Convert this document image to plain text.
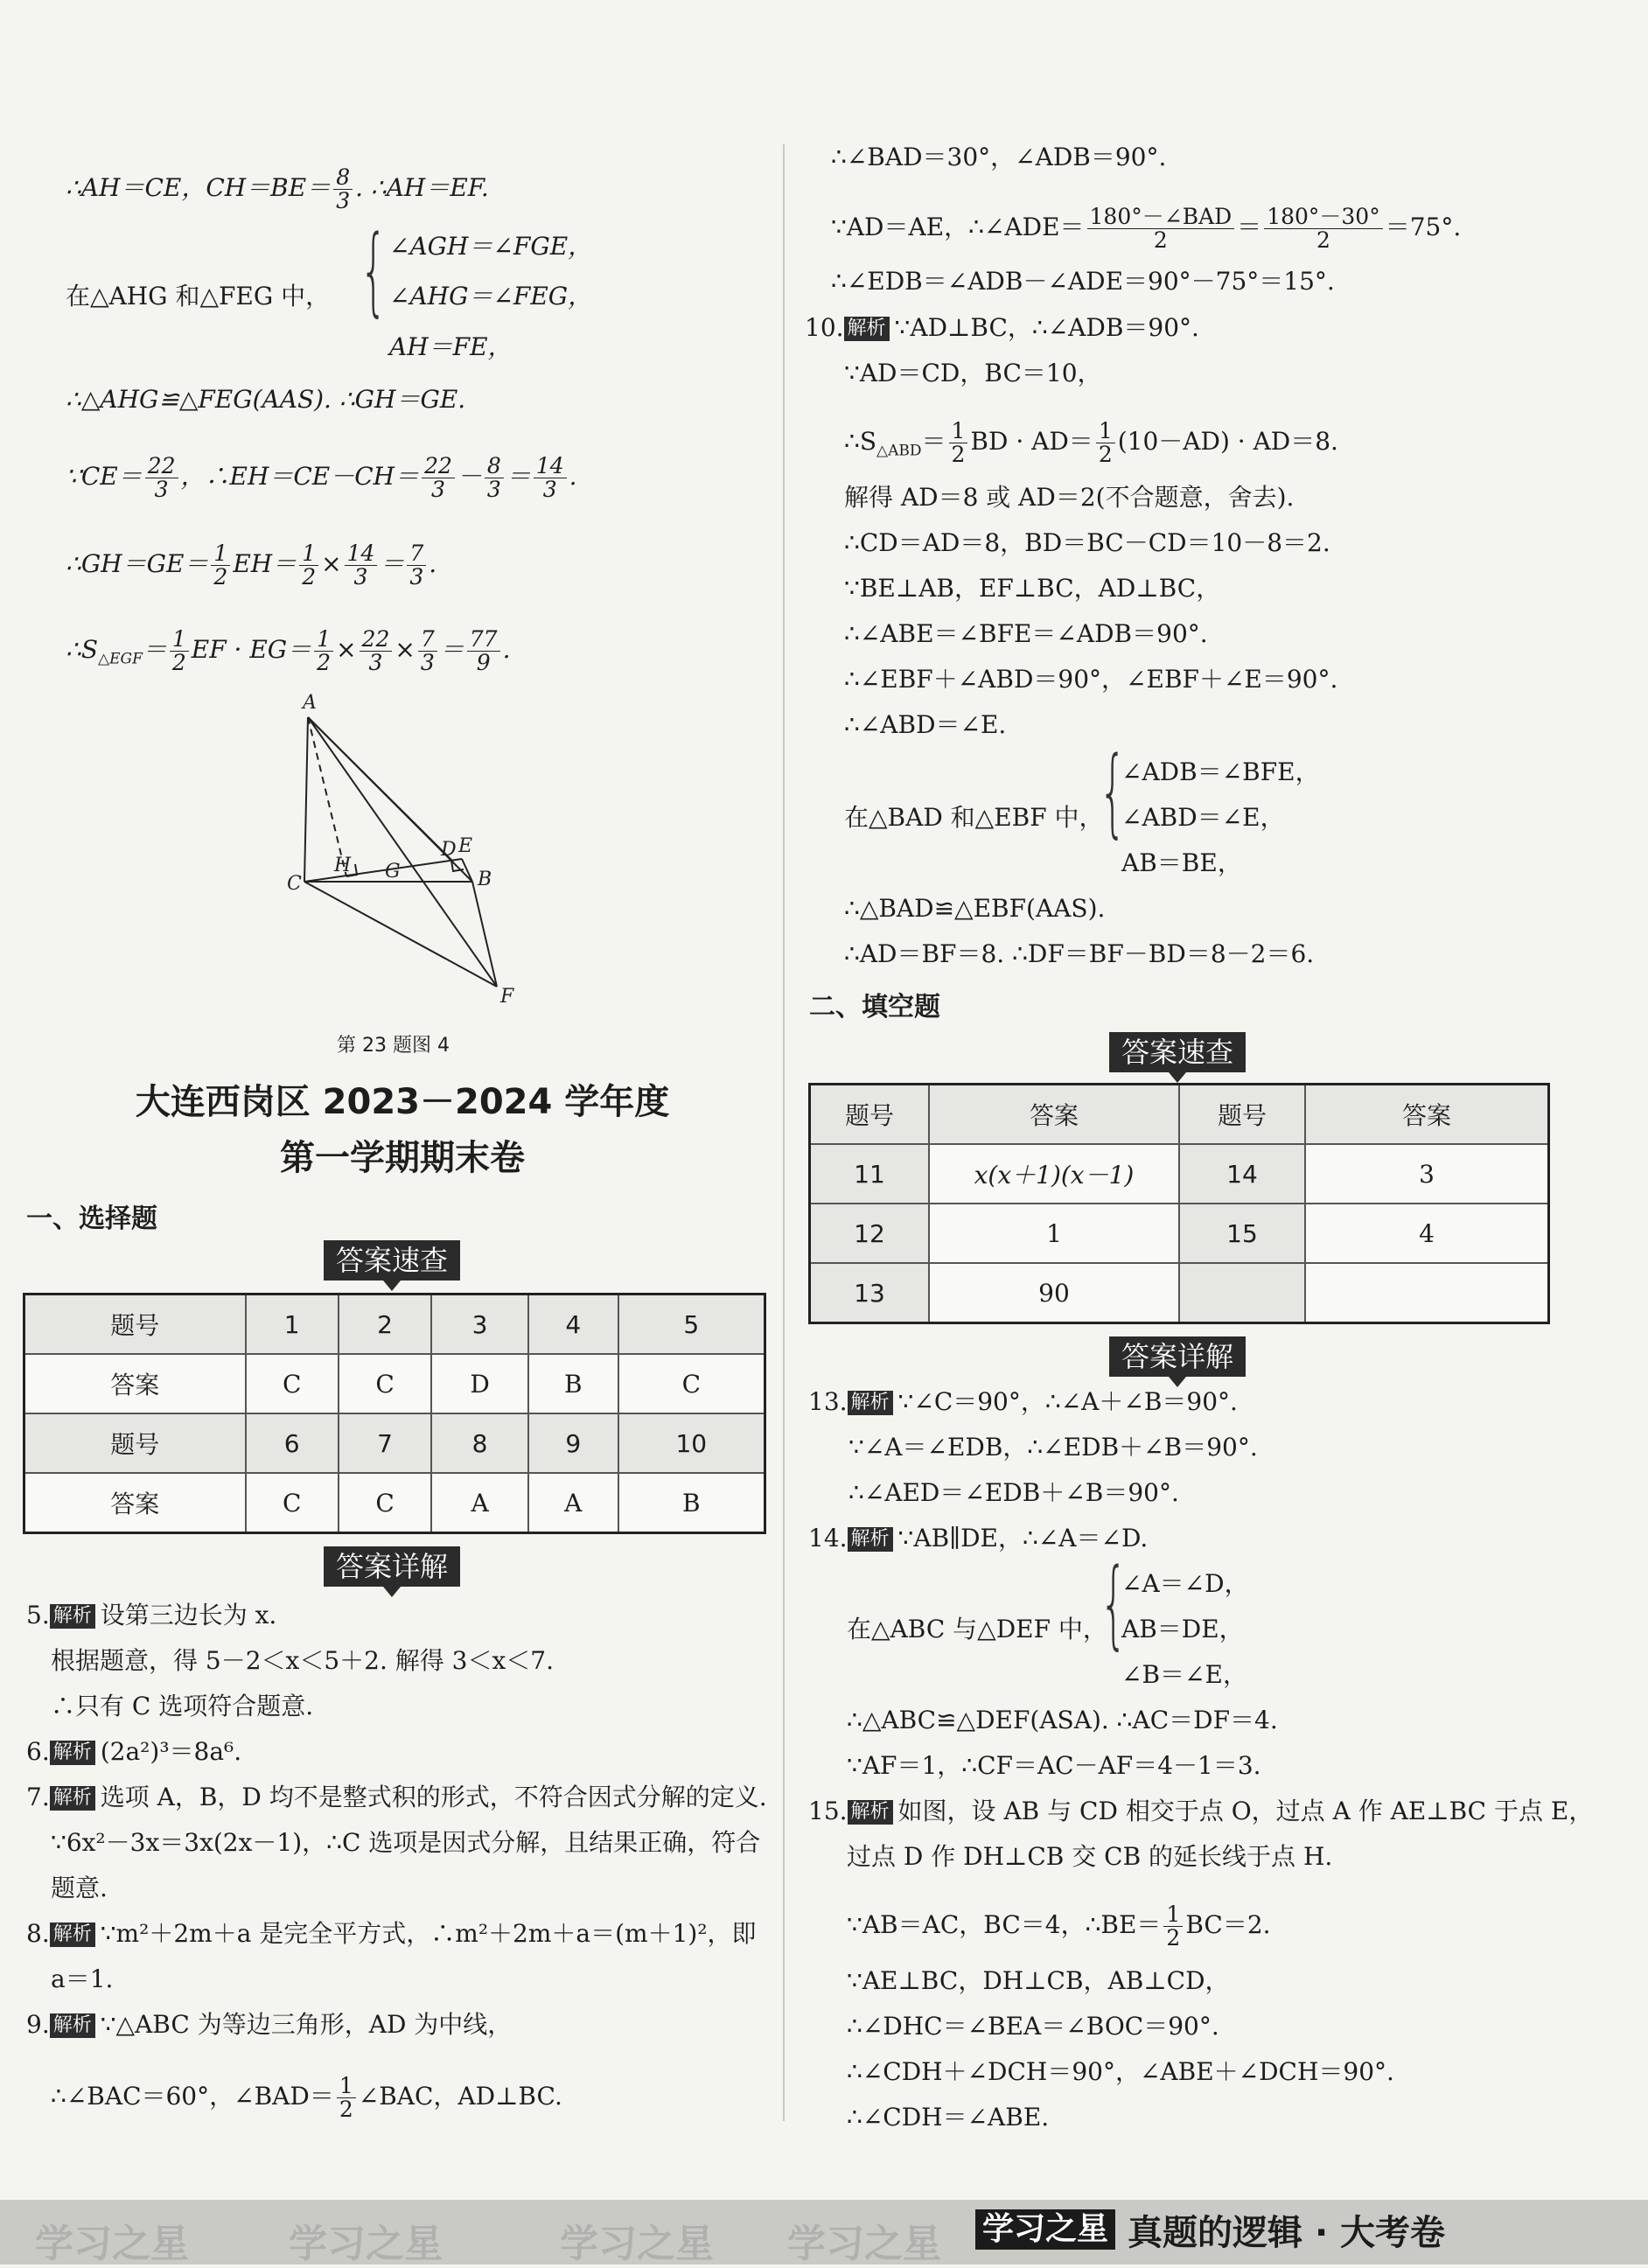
∴AH＝CE，$CH=BE= \frac{8}{3}$ . ∴AH＝EF.
在△AHG 和△FEG 中， { ∠AGH＝∠FGE，
∠AHG＝∠FEG，
AH＝FE，
∴△AHG≌△FEG(AAS). ∴GH＝GE.
∵CE＝ $\frac{22}{3}$ ，∴EH＝CE－CH＝ $\frac{22}{3} - \frac{8}{3} = \frac{14}{3}$ .
∴GH＝GE＝ $\frac{1}{2} EH= \frac{1}{2} \times \frac{14}{3} = \frac{7}{3}$ .
$\therefore S_{\triangle EGF}= \frac{1}{2}$ EF · $EG= \frac{1}{2} \times \frac{22}{3} \times \frac{7}{3} = \frac{77}{9}$ .
A
C
H G
D E
B
F
第 23 题图 4
大连西岗区 2023－2024 学年度
第一学期期末卷
一、选择题
答案速查
题号	1	2	3	4	5
答案	C	C	D	B	C
题号	6	7	8	9	10
答案	C	C	A	A	B
答案详解
5. 解析 设第三边长为 x.
根据题意，得 5－2＜x＜5＋2. 解得 3＜x＜7.
∴只有 C 选项符合题意.
6. 解析 (2a²)³＝8a⁶.
7. 解析 选项 A，B，D 均不是整式积的形式，不符合因式分解的定义.
∵6x²－3x＝3x(2x－1)，∴C 选项是因式分解，且结果正确，符合
题意.
8. 解析 ∵m²＋2m＋a 是完全平方式，∴m²＋2m＋a＝(m＋1)²，即
a＝1.
9. 解析 ∵△ABC 为等边三角形，AD 为中线，
∴∠BAC＝60°，∠BAD＝ $\frac{1}{2}$ ∠BAC，AD⊥BC.
∴∠BAD＝30°，∠ADB＝90°.
∵AD＝AE，∴∠ADE＝ $\frac{\text{180°－∠BAD}}{2} = \frac{180^\circ-30^\circ}{2} =75^\circ$.
∴∠EDB＝∠ADB－∠ADE＝90°－75°＝15°.
10. 解析 ∵AD⊥BC，∴∠ADB＝90°.
∵AD＝CD，BC＝10，
$\therefore S_{\triangle ABD}= \frac{1}{2}$ BD · $AD= \frac{1}{2} (10-AD) \cdot AD=8$.
解得 AD＝8 或 AD＝2(不合题意，舍去).
∴CD＝AD＝8，BD＝BC－CD＝10－8＝2.
∵BE⊥AB，EF⊥BC，AD⊥BC，
∴∠ABE＝∠BFE＝∠ADB＝90°.
∴∠EBF＋∠ABD＝90°，∠EBF＋∠E＝90°.
∴∠ABD＝∠E.
在△BAD 和△EBF 中，
{
∠ADB＝∠BFE，
∠ABD＝∠E，
AB＝BE，
∴△BAD≌△EBF(AAS).
∴AD＝BF＝8. ∴DF＝BF－BD＝8－2＝6.
二、填空题
答案速查
题号	答案	题号	答案
11	x(x＋1)(x－1)	14	3
12	1	15	4
13	90		
答案详解
13. 解析 ∵∠C＝90°，∴∠A＋∠B＝90°.
∵∠A＝∠EDB，∴∠EDB＋∠B＝90°.
∴∠AED＝∠EDB＋∠B＝90°.
14. 解析 ∵AB∥DE，∴∠A＝∠D.
在△ABC 与△DEF 中，
{
∠A＝∠D，
AB＝DE，
∠B＝∠E，
∴△ABC≌△DEF(ASA). ∴AC＝DF＝4.
∵AF＝1，∴CF＝AC－AF＝4－1＝3.
15. 解析 如图，设 AB 与 CD 相交于点 O，过点 A 作 AE⊥BC 于点 E，
过点 D 作 DH⊥CB 交 CB 的延长线于点 H.
∵AB＝AC，BC＝4，∴BE＝ $\frac{1}{2} BC=2$.
∵AE⊥BC，DH⊥CB，AB⊥CD，
∴∠DHC＝∠BEA＝∠BOC＝90°.
∴∠CDH＋∠DCH＝90°，∠ABE＋∠DCH＝90°.
∴∠CDH＝∠ABE.
学习之星	学习之星	学习之星 学习之星 学习之星 真题的逻辑 · 大考卷
